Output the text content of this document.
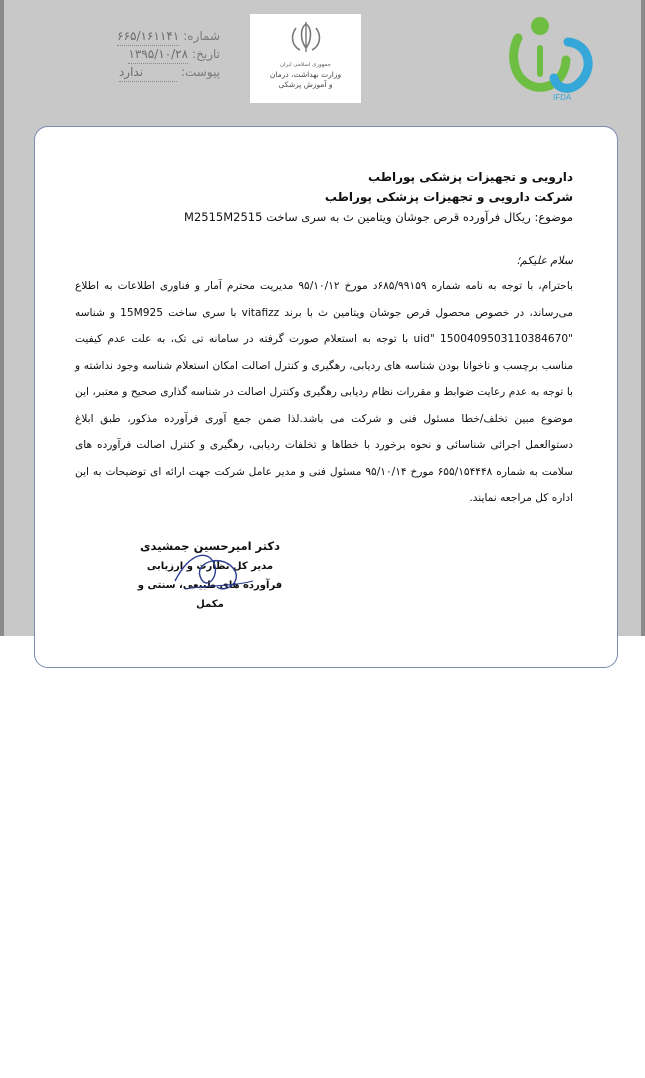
IFDA
جمهوری اسلامی ایران
وزارت بهداشت، درمان
و آموزش پزشکی
شماره:
۶۶۵/۱۶۱۱۴۱
تاریخ:
۱۳۹۵/۱۰/۲۸
پیوست:
ندارد
دارویی و تجهیزات پزشکی پوراطب
شرکت دارویی و تجهیزات پزشکی پوراطب
موضوع: ریکال فرآورده قرص جوشان ویتامین ث به سری ساخت M2515M2515
سلام علیکم؛
باحترام، با توجه به نامه شماره ۶۸۵/۹۹۱۵۹د مورخ ۹۵/۱۰/۱۲ مدیریت محترم آمار و فناوری اطلاعات به اطلاع می‌رساند، در خصوص محصول قرص جوشان ویتامین ث با برند vitafizz با سری ساخت 15M925 و شناسه "uid" 1500409503110384670 با توجه به استعلام صورت گرفته در سامانه تی تک، به علت عدم کیفیت مناسب برچسب و ناخوانا بودن شناسه های ردیابی، رهگیری و کنترل اصالت امکان استعلام شناسه وجود نداشته و با توجه به عدم رعایت ضوابط و مقررات نظام ردیابی رهگیری وکنترل اصالت در شناسه گذاری صحیح و معتبر، این موضوع مبین تخلف/خطا مسئول فنی و شرکت می باشد.لذا ضمن جمع آوری فرآورده مذکور، طبق ابلاغ دستوالعمل اجرائی شناسائی و نحوه برخورد با خطاها و تخلفات ردیابی، رهگیری و کنترل اصالت فرآورده های سلامت به شماره ۶۵۵/۱۵۴۴۴۸ مورخ ۹۵/۱۰/۱۴ مسئول فنی و مدیر عامل شرکت جهت ارائه ای توضیحات به این اداره کل مراجعه نمایند.
دکتر امیرحسین جمشیدی
مدیر کل نظارت و ارزیابی
فرآورده های طبیعی، سنتی و مکمل
